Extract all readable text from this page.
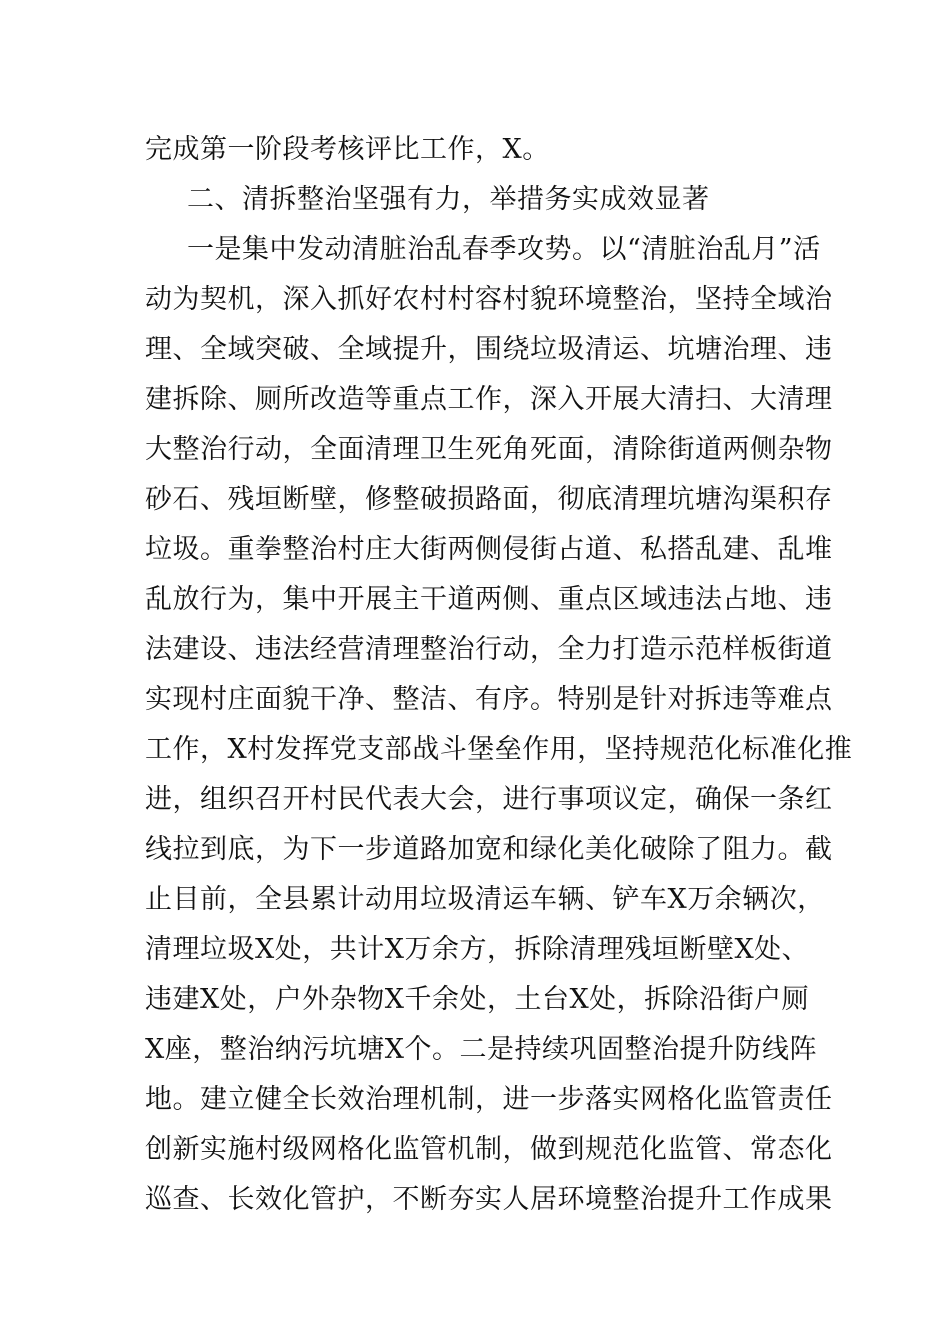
完成第一阶段考核评比工作，X。
二、清拆整治坚强有力，举措务实成效显著
一是集中发动清脏治乱春季攻势。以“清脏治乱月”活
动为契机，深入抓好农村村容村貌环境整治，坚持全域治
理、全域突破、全域提升，围绕垃圾清运、坑塘治理、违
建拆除、厕所改造等重点工作，深入开展大清扫、大清理
大整治行动，全面清理卫生死角死面，清除街道两侧杂物
砂石、残垣断壁，修整破损路面，彻底清理坑塘沟渠积存
垃圾。重拳整治村庄大街两侧侵街占道、私搭乱建、乱堆
乱放行为，集中开展主干道两侧、重点区域违法占地、违
法建设、违法经营清理整治行动，全力打造示范样板街道
实现村庄面貌干净、整洁、有序。特别是针对拆违等难点
工作，X村发挥党支部战斗堡垒作用，坚持规范化标准化推
进，组织召开村民代表大会，进行事项议定，确保一条红
线拉到底，为下一步道路加宽和绿化美化破除了阻力。截
止目前，全县累计动用垃圾清运车辆、铲车X万余辆次，
清理垃圾X处，共计X万余方，拆除清理残垣断壁X处、
违建X处，户外杂物X千余处，土台X处，拆除沿街户厕
X座，整治纳污坑塘X个。二是持续巩固整治提升防线阵
地。建立健全长效治理机制，进一步落实网格化监管责任
创新实施村级网格化监管机制，做到规范化监管、常态化
巡查、长效化管护，不断夯实人居环境整治提升工作成果
